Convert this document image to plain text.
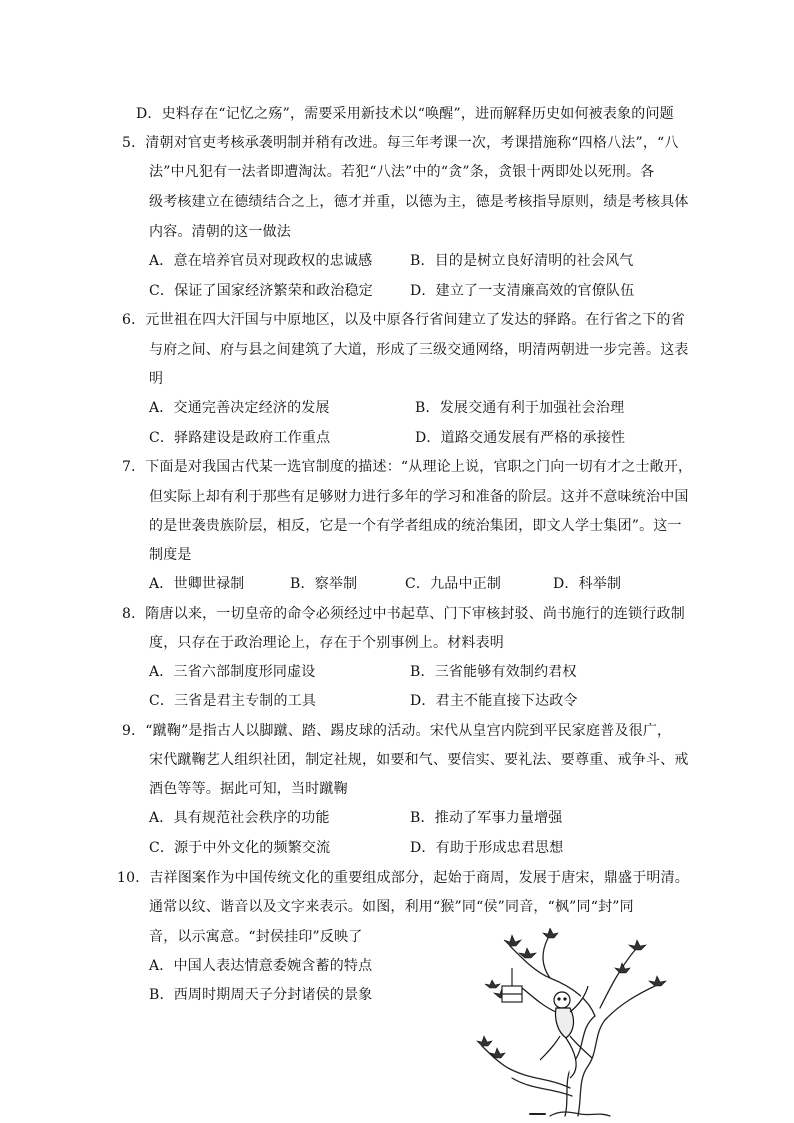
D．史料存在“记忆之殇”，需要采用新技术以“唤醒”，进而解释历史如何被表象的问题
5．清朝对官吏考核承袭明制并稍有改进。每三年考课一次，考课措施称“四格八法”，“八
法”中凡犯有一法者即遭淘汰。若犯“八法”中的“贪”条，贪银十两即处以死刑。各
级考核建立在德绩结合之上，德才并重，以德为主，德是考核指导原则，绩是考核具体
内容。清朝的这一做法
A．意在培养官员对现政权的忠诚感	B．目的是树立良好清明的社会风气
C．保证了国家经济繁荣和政治稳定	D．建立了一支清廉高效的官僚队伍
6．元世祖在四大汗国与中原地区，以及中原各行省间建立了发达的驿路。在行省之下的省
与府之间、府与县之间建筑了大道，形成了三级交通网络，明清两朝进一步完善。这表
明
A．交通完善决定经济的发展	B．发展交通有利于加强社会治理
C．驿路建设是政府工作重点	D．道路交通发展有严格的承接性
7．下面是对我国古代某一选官制度的描述：“从理论上说，官职之门向一切有才之士敞开，
但实际上却有利于那些有足够财力进行多年的学习和准备的阶层。这并不意味统治中国
的是世袭贵族阶层，相反，它是一个有学者组成的统治集团，即文人学士集团”。这一
制度是
A．世卿世禄制	B．察举制	C．九品中正制	D．科举制
8．隋唐以来，一切皇帝的命令必须经过中书起草、门下审核封驳、尚书施行的连锁行政制
度，只存在于政治理论上，存在于个别事例上。材料表明
A．三省六部制度形同虚设	B．三省能够有效制约君权
C．三省是君主专制的工具	D．君主不能直接下达政令
9．“蹴鞠”是指古人以脚蹴、踏、踢皮球的活动。宋代从皇宫内院到平民家庭普及很广，
宋代蹴鞠艺人组织社团，制定社规，如要和气、要信实、要礼法、要尊重、戒争斗、戒
酒色等等。据此可知，当时蹴鞠
A．具有规范社会秩序的功能	B．推动了军事力量增强
C．源于中外文化的频繁交流	D．有助于形成忠君思想
10．吉祥图案作为中国传统文化的重要组成部分，起始于商周，发展于唐宋，鼎盛于明清。
通常以纹、谐音以及文字来表示。如图，利用“猴”同“侯”同音，“枫”同“封”同
音，以示寓意。“封侯挂印”反映了
A．中国人表达情意委婉含蓄的特点
B．西周时期周天子分封诸侯的景象
